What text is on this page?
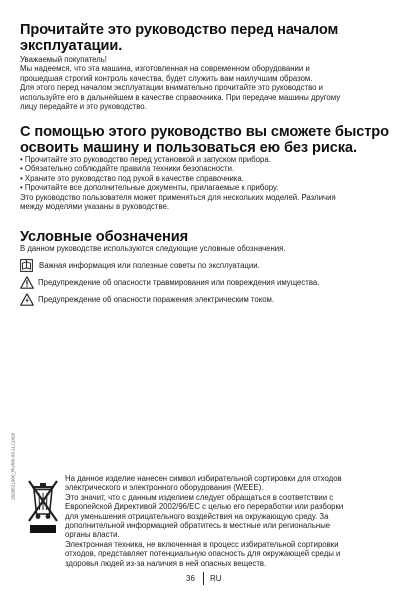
Прочитайте это руководство перед началом
эксплуатации.
Уважаемый покупатель!
Мы надеемся, что эта машина, изготовленная на современном оборудовании и
прошедшая строгий контроль качества, будет служить вам наилучшим образом.
Для этого перед началом эксплуатации внимательно прочитайте это руководство и
используйте его в дальнейшем в качестве справочника. При передаче машины другому
лицу передайте и это руководство.
С помощью этого руководство вы сможете быстро
освоить машину и пользоваться ею без риска.
• Прочитайте это руководство перед установкой и запуском прибора.
• Обязательно соблюдайте правила техники безопасности.
• Храните это руководство под рукой в качестве справочника.
• Прочитайте все дополнительные документы, прилагаемые к прибору.
Это руководство пользователя может применяться для нескольких моделей. Различия
между моделями указаны в руководстве.
Условные обозначения
В данном руководстве используются следующие условные обозначения.
Важная информация или полезные советы по эксплуатации.
Предупреждение об опасности травмирования или повреждения имущества.
Предупреждение об опасности поражения электрическим током.
2820521900_RU/05-03-11.(1428	На данное изделие нанесен символ избирательной сортировки для отходов
электрического и электронного оборудования (WEEE).
Это значит, что с данным изделием следует обращаться в соответствии с
Европейской Директивой 2002/96/EC с целью его переработки или разборки
для уменьшения отрицательного воздействия на окружающую среду. За
дополнительной информацией обратитесь в местные или региональные
органы власти.
Электронная техника, не включенная в процесс избирательной сортировки
отходов, представляет потенциальную опасность для окружающей среды и
здоровья людей из-за наличия в ней опасных веществ.
36 RU
